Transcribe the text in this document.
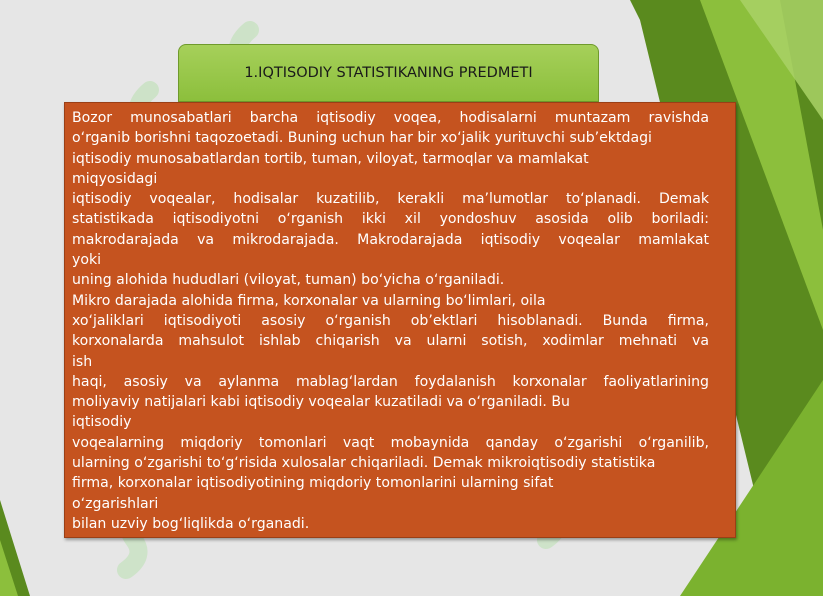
1.IQTISODIY STATISTIKANING PREDMETI
Bozor munosabatlari barcha iqtisodiy voqea, hodisalarni muntazam ravishda
o‘rganib borishni taqozoetadi. Buning uchun har bir xo‘jalik yurituvchi sub’ektdagi
iqtisodiy munosabatlardan tortib, tuman, viloyat, tarmoqlar va mamlakat
miqyosidagi
iqtisodiy voqealar, hodisalar kuzatilib, kerakli ma’lumotlar to‘planadi. Demak
statistikada iqtisodiyotni o‘rganish ikki xil yondoshuv asosida olib boriladi:
makrodarajada va mikrodarajada. Makrodarajada iqtisodiy voqealar mamlakat
yoki
uning alohida hududlari (viloyat, tuman) bo‘yicha o‘rganiladi.
Mikro darajada alohida firma, korxonalar va ularning bo‘limlari, oila
xo‘jaliklari iqtisodiyoti asosiy o‘rganish ob’ektlari hisoblanadi. Bunda firma,
korxonalarda mahsulot ishlab chiqarish va ularni sotish, xodimlar mehnati va
ish
haqi, asosiy va aylanma mablag‘lardan foydalanish korxonalar faoliyatlarining
moliyaviy natijalari kabi iqtisodiy voqealar kuzatiladi va o‘rganiladi. Bu
iqtisodiy
voqealarning miqdoriy tomonlari vaqt mobaynida qanday o‘zgarishi o‘rganilib,
ularning o‘zgarishi to‘g‘risida xulosalar chiqariladi. Demak mikroiqtisodiy statistika
firma, korxonalar iqtisodiyotining miqdoriy tomonlarini ularning sifat
o‘zgarishlari
bilan uzviy bog‘liqlikda o‘rganadi.
